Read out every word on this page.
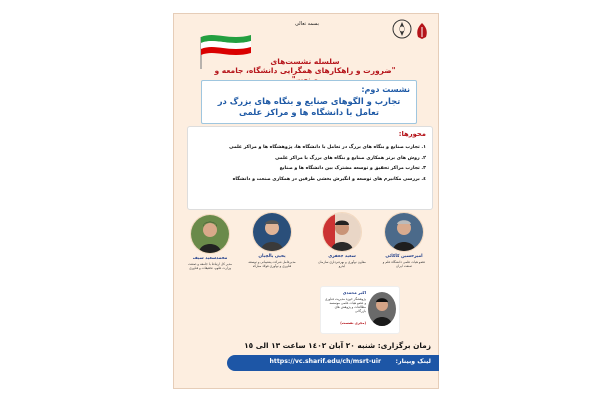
بسمه تعالی
سلسله نشست‌های
"ضرورت و راهکارهای همگرایی دانشگاه، جامعه و
نشست دوم:
تجارب و الگوهای صنایع و بنگاه های بزرگ در تعامل با دانشگاه ها و مراکز علمی
محورها:
١. تجارب صنایع و بنگاه های بزرگ در تعامل با دانشگاه ها، پژوهشگاه ها و مراکز علمی
٢. روش های برتر همکاری صنایع و بنگاه های بزرگ با مراکز علمی
٣. تجارب مراکز تحقیق و توسعه مشترک بین دانشگاه ها و صنایع
٤. بررسی مکانیزم های توسعه و انگیزش بخشی طرفین در همکاری صنعت و دانشگاه
محمدسعید سیف
مدیر کل ارتباط با جامعه و صنعت وزارت علوم، تحقیقات و فناوری
یحیی یالچیان
مدیرعامل شرکت پشتیبانی و توسعه فناوری و نوآوری فولاد مبارکه
سعید جعفری
معاون نوآوری و بهره‌برداری سازمان ایدرو
امیرحسین کاکائی
عضو هیات علمی دانشگاه علم و صنعت ایران
اکبر محمدی
پژوهشگر حوزه مدیریت فناوری و عضو هیات علمی موسسه مطالعات و پژوهش های بازرگانی
(مجری نشست)
زمان برگزاری: شنبه ٢٠ آبان ١٤٠٢ ساعت ١٣ الی ١٥
لینک وبینار:
https://vc.sharif.edu/ch/msrt-uir
